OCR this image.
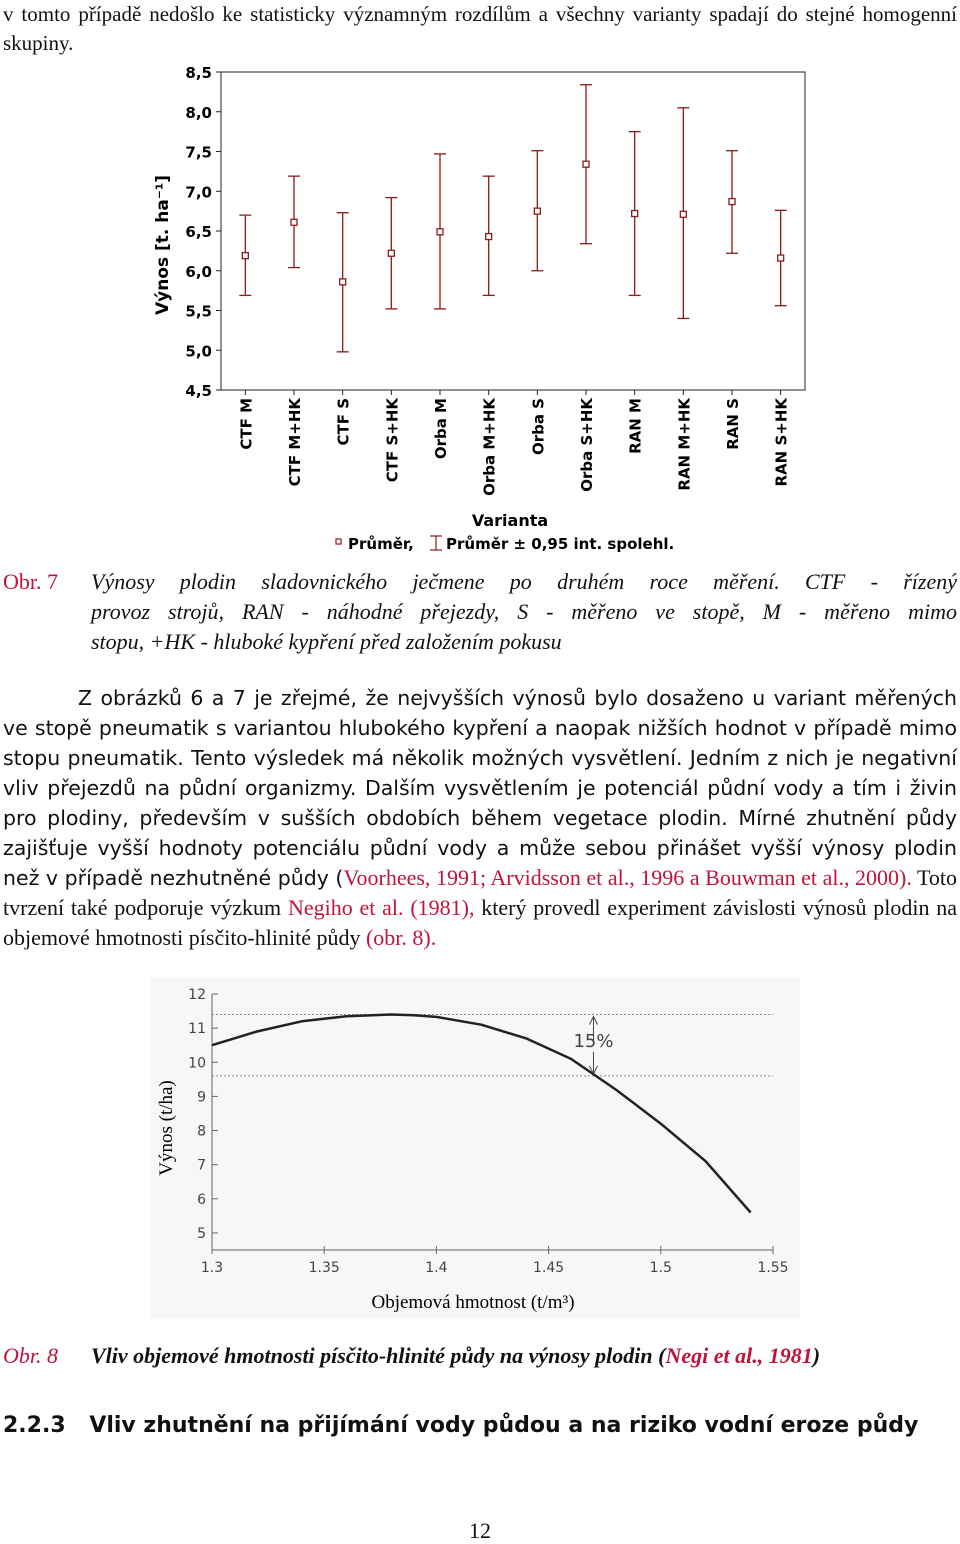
v tomto případě nedošlo ke statisticky významným rozdílům a všechny varianty spadají do stejné homogenní skupiny.
8,5
8,0
7,5
7,0
6,5
6,0
5,5
5,0
4,5
CTF M CTF M+HK CTF S CTF S+HK Orba M Orba M+HK Orba S Orba S+HK RAN M RAN M+HK RAN S RAN S+HK
Varianta
Výnos [t. ha⁻¹]
Průměr, Průměr ± 0,95 int. spolehl.
Obr. 7	Výnosy plodin sladovnického ječmene po druhém roce měření. CTF - řízený
provoz strojů, RAN - náhodné přejezdy, S - měřeno ve stopě, M - měřeno mimo
stopu, +HK - hluboké kypření před založením pokusu

Z obrázků 6 a 7 je zřejmé, že nejvyšších výnosů bylo dosaženo u variant měřených ve stopě pneumatik s variantou hlubokého kypření a naopak nižších hodnot v případě mimo stopu pneumatik. Tento výsledek má několik možných vysvětlení. Jedním z nich je negativní vliv přejezdů na půdní organizmy. Dalším vysvětlením je potenciál půdní vody a tím i živin pro plodiny, především v sušších obdobích během vegetace plodin. Mírné zhutnění půdy zajišťuje vyšší hodnoty potenciálu půdní vody a může sebou přinášet vyšší výnosy plodin než v případě nezhutněné půdy (Voorhees, 1991; Arvidsson et al., 1996 a Bouwman et al., 2000). Toto tvrzení také podporuje výzkum Negiho et al. (1981), který provedl experiment závislosti výnosů plodin na objemové hmotnosti písčito-hlinité půdy (obr. 8).

12
11
10
9
8
7
6
5
1.3	1.35	1.4	1.45	1.5	1.55
15%
Výnos (t/ha)
Objemová hmotnost (t/m³)
Obr. 8 Vliv objemové hmotnosti písčito-hlinité půdy na výnosy plodin (Negi et al., 1981)
2.2.3 Vliv zhutnění na přijímání vody půdou a na riziko vodní eroze půdy
12
